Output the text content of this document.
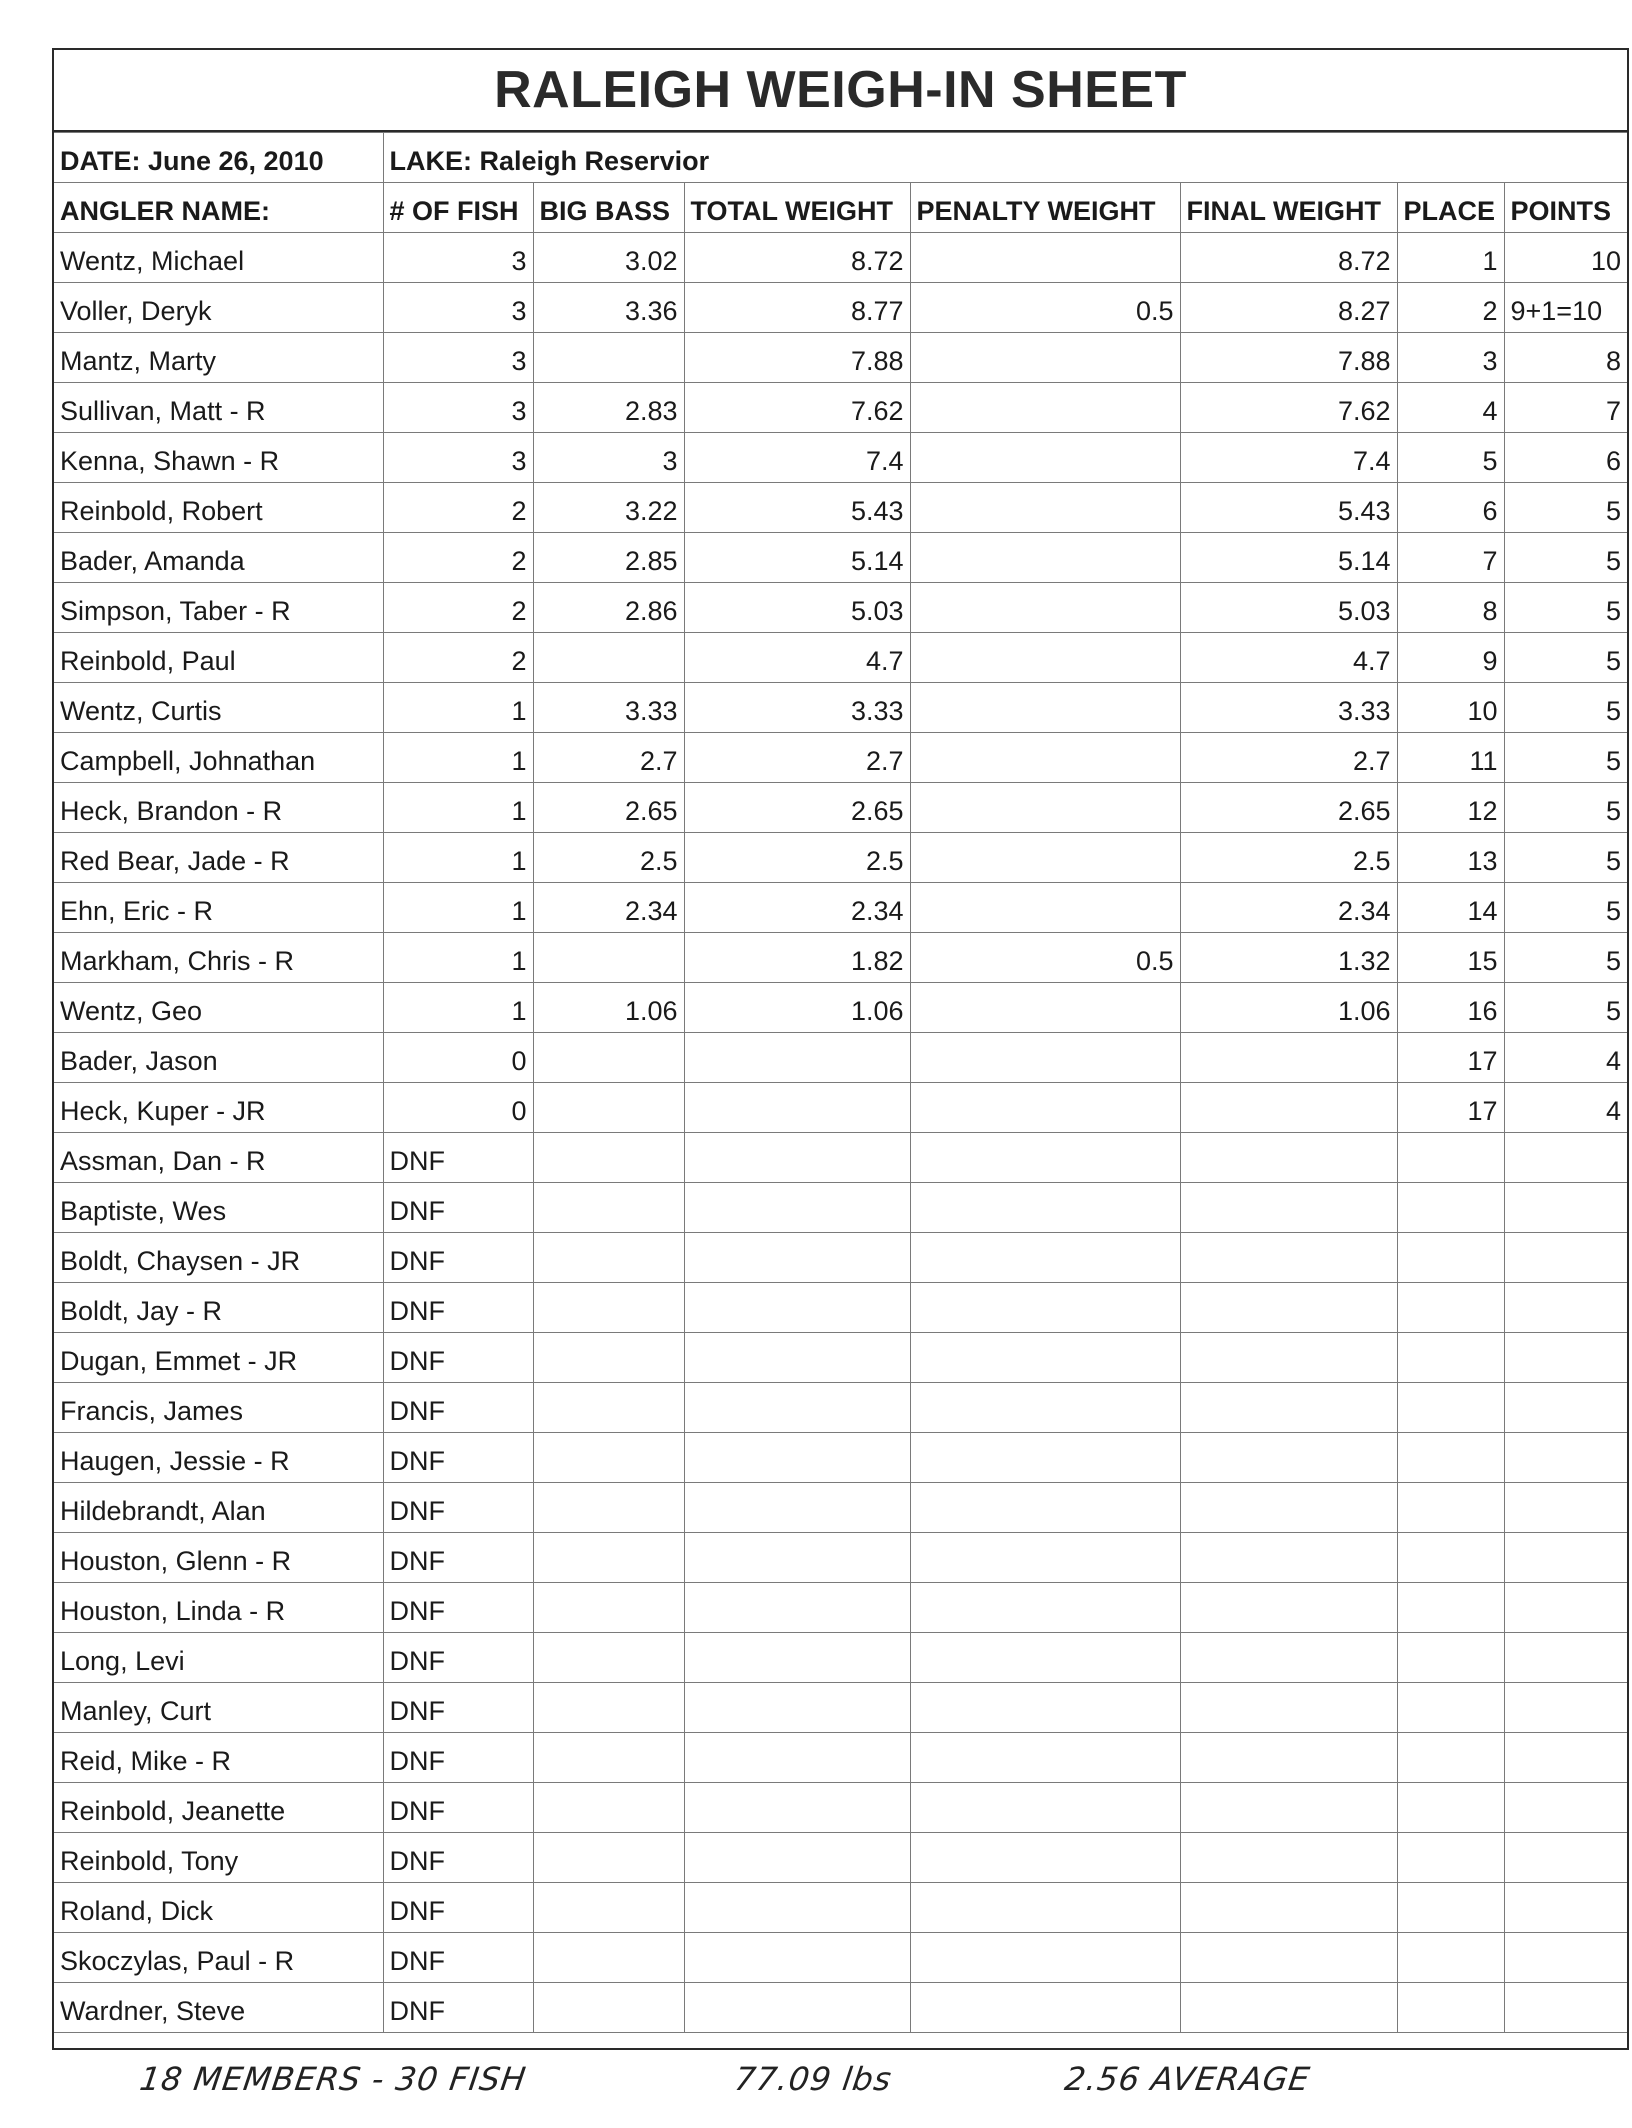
RALEIGH WEIGH-IN SHEET
DATE: June 26, 2010	LAKE: Raleigh Reservior						
ANGLER NAME:	# OF FISH	BIG BASS	TOTAL WEIGHT	PENALTY WEIGHT	FINAL WEIGHT	PLACE	POINTS
Wentz, Michael	3	3.02	8.72		8.72	1	10
Voller, Deryk	3	3.36	8.77	0.5	8.27	2	9+1=10
Mantz, Marty	3		7.88		7.88	3	8
Sullivan, Matt - R	3	2.83	7.62		7.62	4	7
Kenna, Shawn - R	3	3	7.4		7.4	5	6
Reinbold, Robert	2	3.22	5.43		5.43	6	5
Bader, Amanda	2	2.85	5.14		5.14	7	5
Simpson, Taber - R	2	2.86	5.03		5.03	8	5
Reinbold, Paul	2		4.7		4.7	9	5
Wentz, Curtis	1	3.33	3.33		3.33	10	5
Campbell, Johnathan	1	2.7	2.7		2.7	11	5
Heck, Brandon - R	1	2.65	2.65		2.65	12	5
Red Bear, Jade - R	1	2.5	2.5		2.5	13	5
Ehn, Eric - R	1	2.34	2.34		2.34	14	5
Markham, Chris - R	1		1.82	0.5	1.32	15	5
Wentz, Geo	1	1.06	1.06		1.06	16	5
Bader, Jason	0					17	4
Heck, Kuper - JR	0					17	4
Assman, Dan - R	DNF						
Baptiste, Wes	DNF						
Boldt, Chaysen - JR	DNF						
Boldt, Jay - R	DNF						
Dugan, Emmet - JR	DNF						
Francis, James	DNF						
Haugen, Jessie - R	DNF						
Hildebrandt, Alan	DNF						
Houston, Glenn - R	DNF						
Houston, Linda - R	DNF						
Long, Levi	DNF						
Manley, Curt	DNF						
Reid, Mike - R	DNF						
Reinbold, Jeanette	DNF						
Reinbold, Tony	DNF						
Roland, Dick	DNF						
Skoczylas, Paul - R	DNF						
Wardner, Steve	DNF						
18 MEMBERS - 30 FISH	77.09 lbs	2.56 AVERAGE
